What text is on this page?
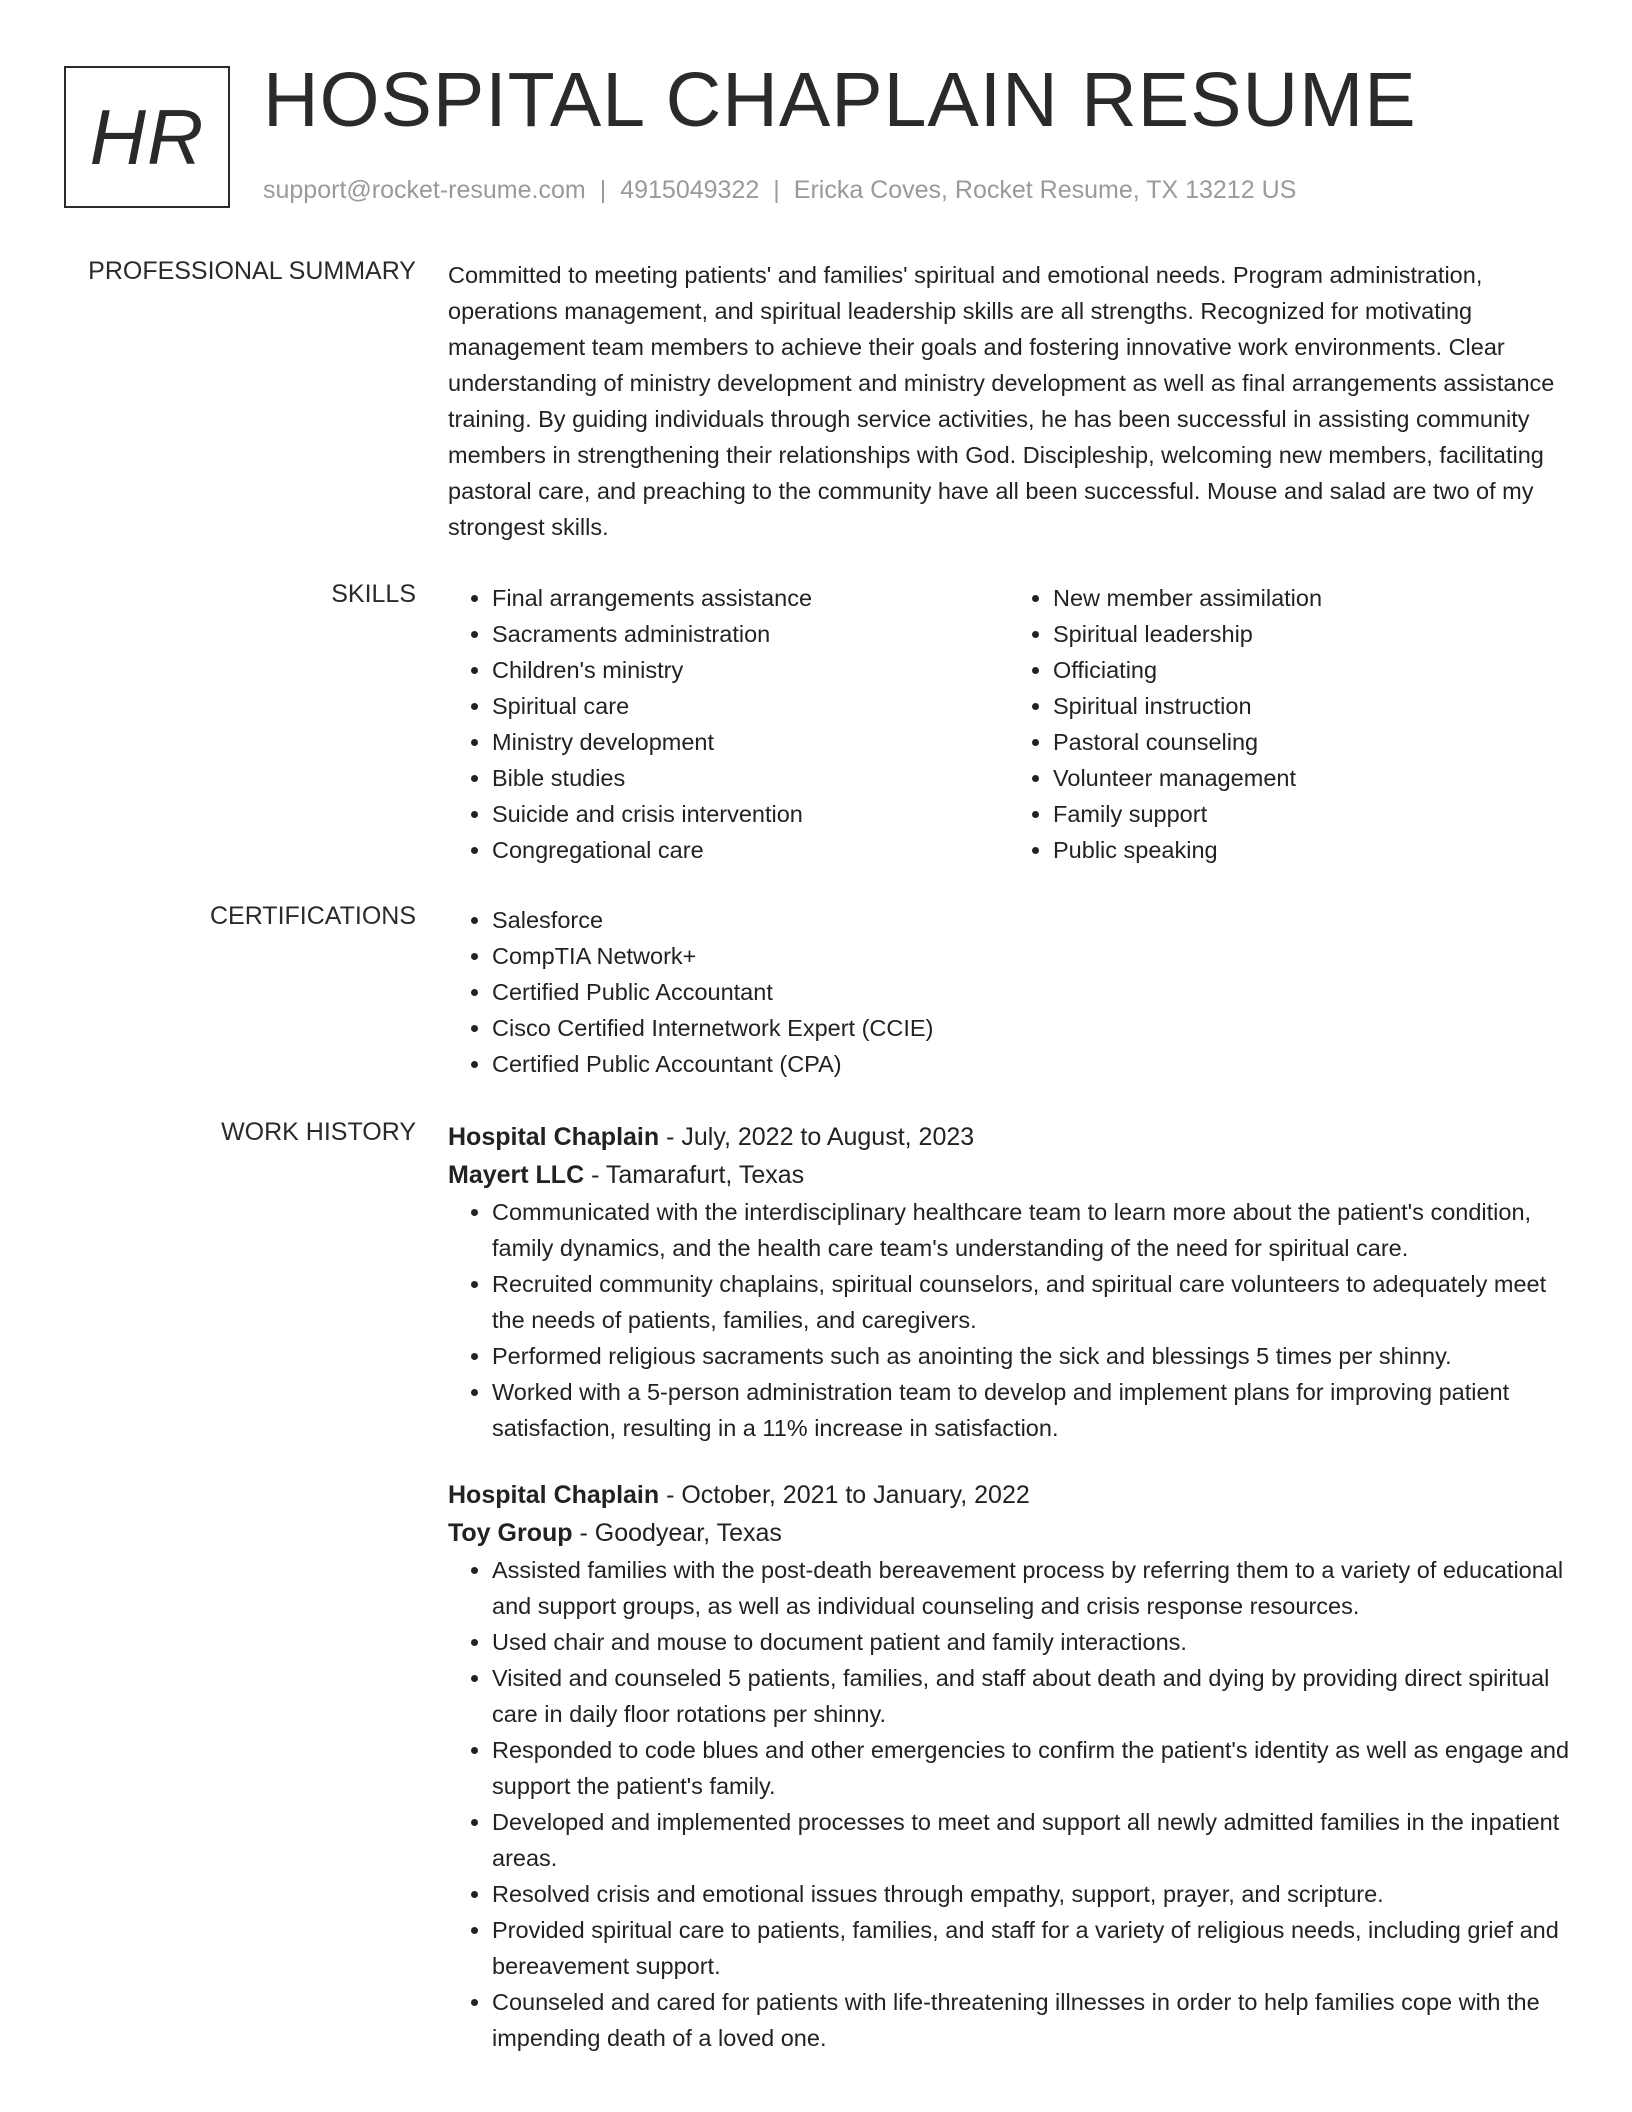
HR HOSPITAL CHAPLAIN RESUME
support@rocket-resume.com | 4915049322 | Ericka Coves, Rocket Resume, TX 13212 US
PROFESSIONAL SUMMARY Committed to meeting patients' and families' spiritual and emotional needs. Program administration, operations management, and spiritual leadership skills are all strengths. Recognized for motivating management team members to achieve their goals and fostering innovative work environments. Clear understanding of ministry development and ministry development as well as final arrangements assistance training. By guiding individuals through service activities, he has been successful in assisting community members in strengthening their relationships with God. Discipleship, welcoming new members, facilitating pastoral care, and preaching to the community have all been successful. Mouse and salad are two of my strongest skills.

SKILLS	• Final arrangements assistance
• Sacraments administration
• Children's ministry
• Spiritual care
• Ministry development
• Bible studies
• Suicide and crisis intervention
• Congregational care
• New member assimilation
• Spiritual leadership
• Officiating
• Spiritual instruction
• Pastoral counseling
• Volunteer management
• Family support
• Public speaking
CERTIFICATIONS	• Salesforce
• CompTIA Network+
• Certified Public Accountant
• Cisco Certified Internetwork Expert (CCIE)
• Certified Public Accountant (CPA)
WORK HISTORY Hospital Chaplain - July, 2022 to August, 2023
Mayert LLC - Tamarafurt, Texas
• Communicated with the interdisciplinary healthcare team to learn more about the patient's condition, family dynamics, and the health care team's understanding of the need for spiritual care.
• Recruited community chaplains, spiritual counselors, and spiritual care volunteers to adequately meet the needs of patients, families, and caregivers.
• Performed religious sacraments such as anointing the sick and blessings 5 times per shinny.
• Worked with a 5-person administration team to develop and implement plans for improving patient satisfaction, resulting in a 11% increase in satisfaction.
Hospital Chaplain - October, 2021 to January, 2022
Toy Group - Goodyear, Texas
• Assisted families with the post-death bereavement process by referring them to a variety of educational and support groups, as well as individual counseling and crisis response resources.
• Used chair and mouse to document patient and family interactions.
• Visited and counseled 5 patients, families, and staff about death and dying by providing direct spiritual care in daily floor rotations per shinny.
• Responded to code blues and other emergencies to confirm the patient's identity as well as engage and support the patient's family.
• Developed and implemented processes to meet and support all newly admitted families in the inpatient areas.
• Resolved crisis and emotional issues through empathy, support, prayer, and scripture.
• Provided spiritual care to patients, families, and staff for a variety of religious needs, including grief and bereavement support.
• Counseled and cared for patients with life-threatening illnesses in order to help families cope with the impending death of a loved one.
